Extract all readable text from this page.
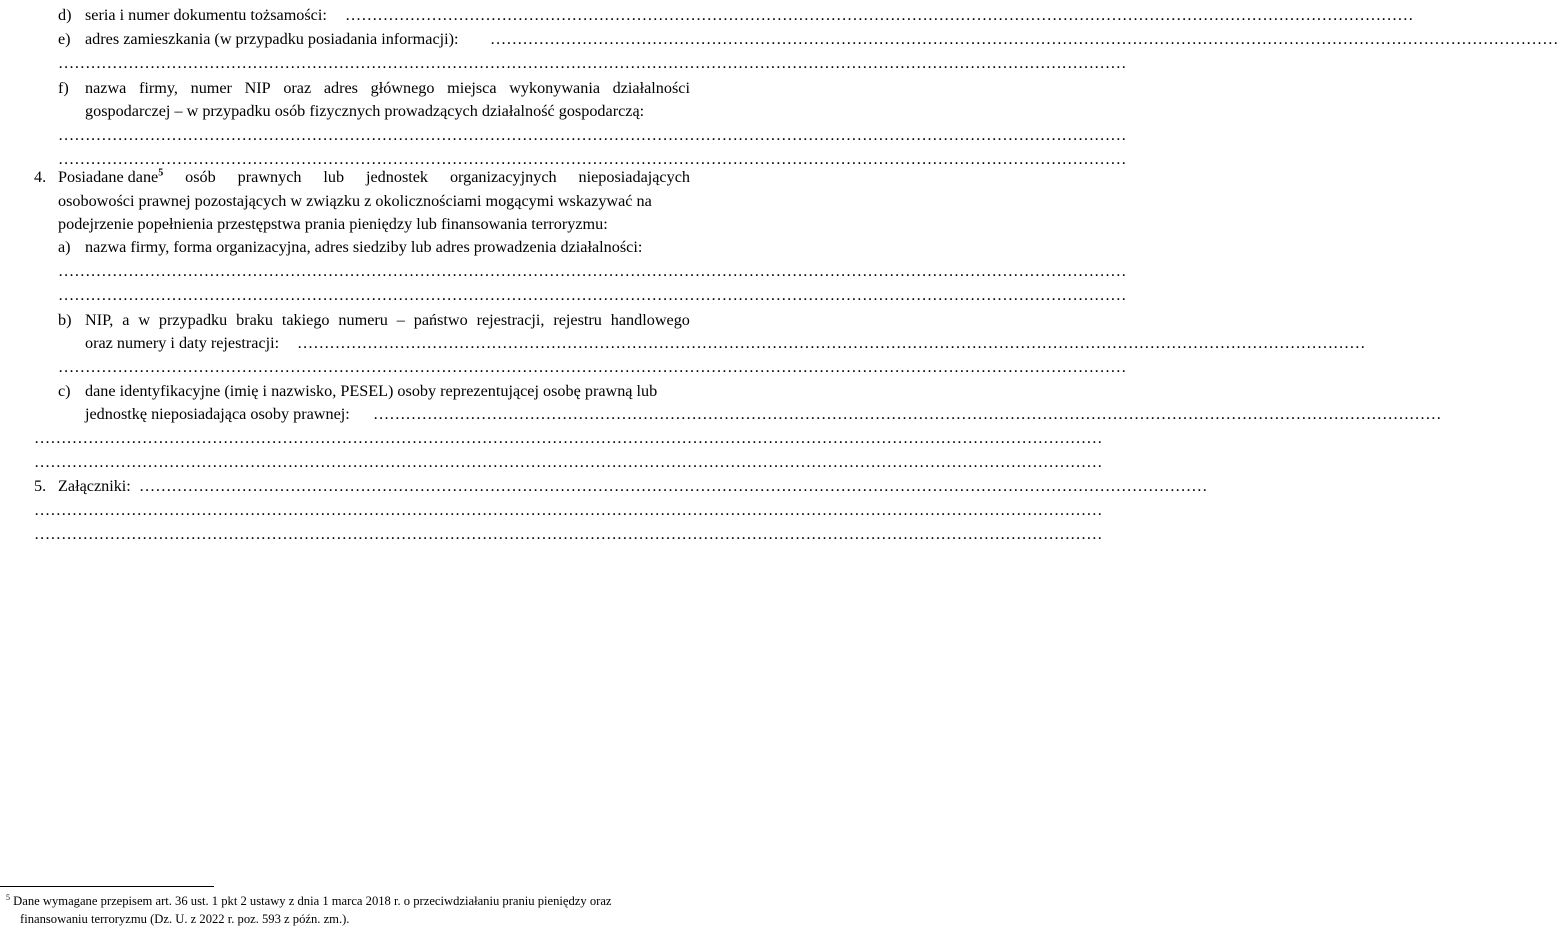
d) seria i numer dokumentu tożsamości: ………………………………………………………………………………………………………………………………………………………………………………
e) adres zamieszkania (w przypadku posiadania informacji): ………………………………………………………………………………………………………………………………………………………………………………
………………………………………………………………………………………………………………………………………………………………………………
f) nazwa firmy, numer NIP oraz adres głównego miejsca wykonywania działalności
gospodarczej – w przypadku osób fizycznych prowadzących działalność gospodarczą:
………………………………………………………………………………………………………………………………………………………………………………
………………………………………………………………………………………………………………………………………………………………………………
4. Posiadane dane$^5$ osób prawnych lub jednostek organizacyjnych nieposiadających
osobowości prawnej pozostających w związku z okolicznościami mogącymi wskazywać na
podejrzenie popełnienia przestępstwa prania pieniędzy lub finansowania terroryzmu:
a) nazwa firmy, forma organizacyjna, adres siedziby lub adres prowadzenia działalności:
………………………………………………………………………………………………………………………………………………………………………………
………………………………………………………………………………………………………………………………………………………………………………
b) NIP, a w przypadku braku takiego numeru – państwo rejestracji, rejestru handlowego
oraz numery i daty rejestracji: ………………………………………………………………………………………………………………………………………………………………………………
………………………………………………………………………………………………………………………………………………………………………………
c) dane identyfikacyjne (imię i nazwisko, PESEL) osoby reprezentującej osobę prawną lub
jednostkę nieposiadająca osoby prawnej: ………………………………………………………………………………………………………………………………………………………………………………
………………………………………………………………………………………………………………………………………………………………………………
………………………………………………………………………………………………………………………………………………………………………………
5. Załączniki: ………………………………………………………………………………………………………………………………………………………………………………
………………………………………………………………………………………………………………………………………………………………………………
………………………………………………………………………………………………………………………………………………………………………………
$^5$ Dane wymagane przepisem art. 36 ust. 1 pkt 2 ustawy z dnia 1 marca 2018 r. o przeciwdziałaniu praniu pieniędzy oraz
finansowaniu terroryzmu (Dz. U. z 2022 r. poz. 593 z późn. zm.).
